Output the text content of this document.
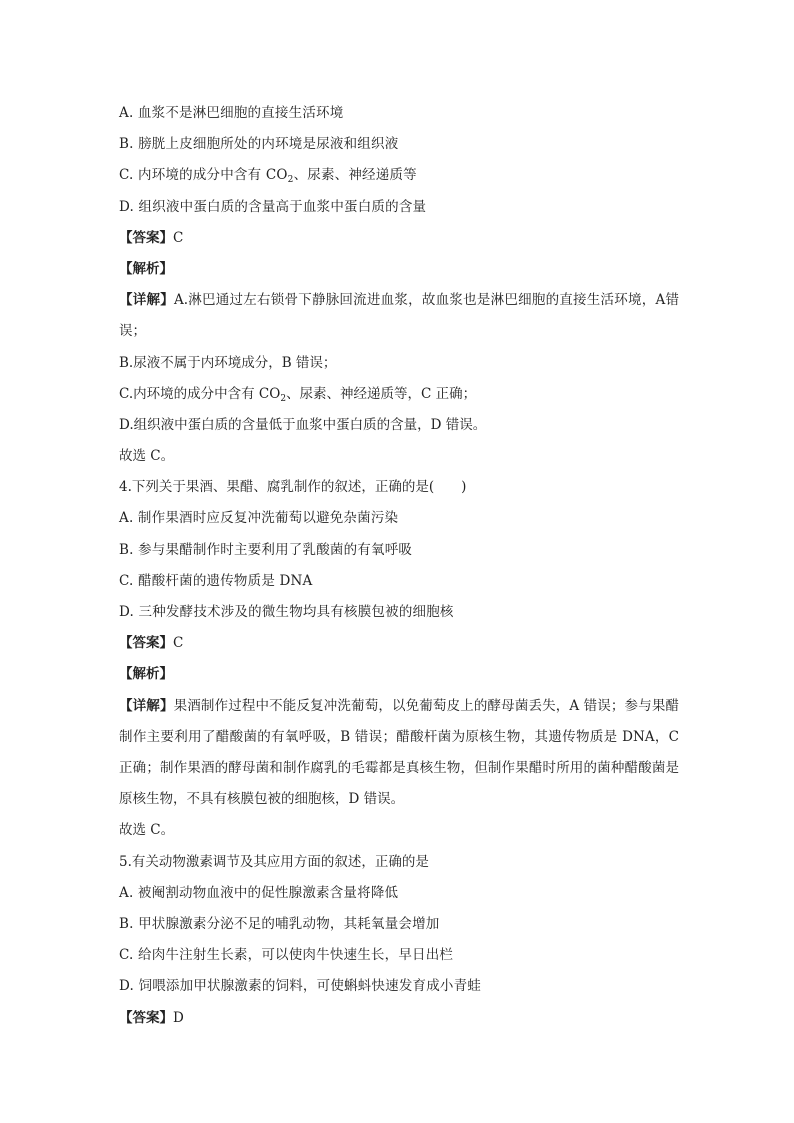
A. 血浆不是淋巴细胞的直接生活环境
B. 膀胱上皮细胞所处的内环境是尿液和组织液
C. 内环境的成分中含有 $CO_2$、尿素、神经递质等
D. 组织液中蛋白质的含量高于血浆中蛋白质的含量
【答案】C
【解析】
【详解】A.淋巴通过左右锁骨下静脉回流进血浆，故血浆也是淋巴细胞的直接生活环境，A错误；
B.尿液不属于内环境成分，B 错误；
C.内环境的成分中含有 $CO_2$、尿素、神经递质等，C 正确；
D.组织液中蛋白质的含量低于血浆中蛋白质的含量，D 错误。
故选 C。
4.下列关于果酒、果醋、腐乳制作的叙述，正确的是(　　)
A. 制作果酒时应反复冲洗葡萄以避免杂菌污染
B. 参与果醋制作时主要利用了乳酸菌的有氧呼吸
C. 醋酸杆菌的遗传物质是 DNA
D. 三种发酵技术涉及的微生物均具有核膜包被的细胞核
【答案】C
【解析】
【详解】果酒制作过程中不能反复冲洗葡萄，以免葡萄皮上的酵母菌丢失，A 错误；参与果醋制作主要利用了醋酸菌的有氧呼吸，B 错误；醋酸杆菌为原核生物，其遗传物质是 DNA，C 正确；制作果酒的酵母菌和制作腐乳的毛霉都是真核生物，但制作果醋时所用的菌种醋酸菌是原核生物，不具有核膜包被的细胞核，D 错误。
故选 C。
5.有关动物激素调节及其应用方面的叙述，正确的是
A. 被阉割动物血液中的促性腺激素含量将降低
B. 甲状腺激素分泌不足的哺乳动物，其耗氧量会增加
C. 给肉牛注射生长素，可以使肉牛快速生长，早日出栏
D. 饲喂添加甲状腺激素的饲料，可使蝌蚪快速发育成小青蛙
【答案】D
